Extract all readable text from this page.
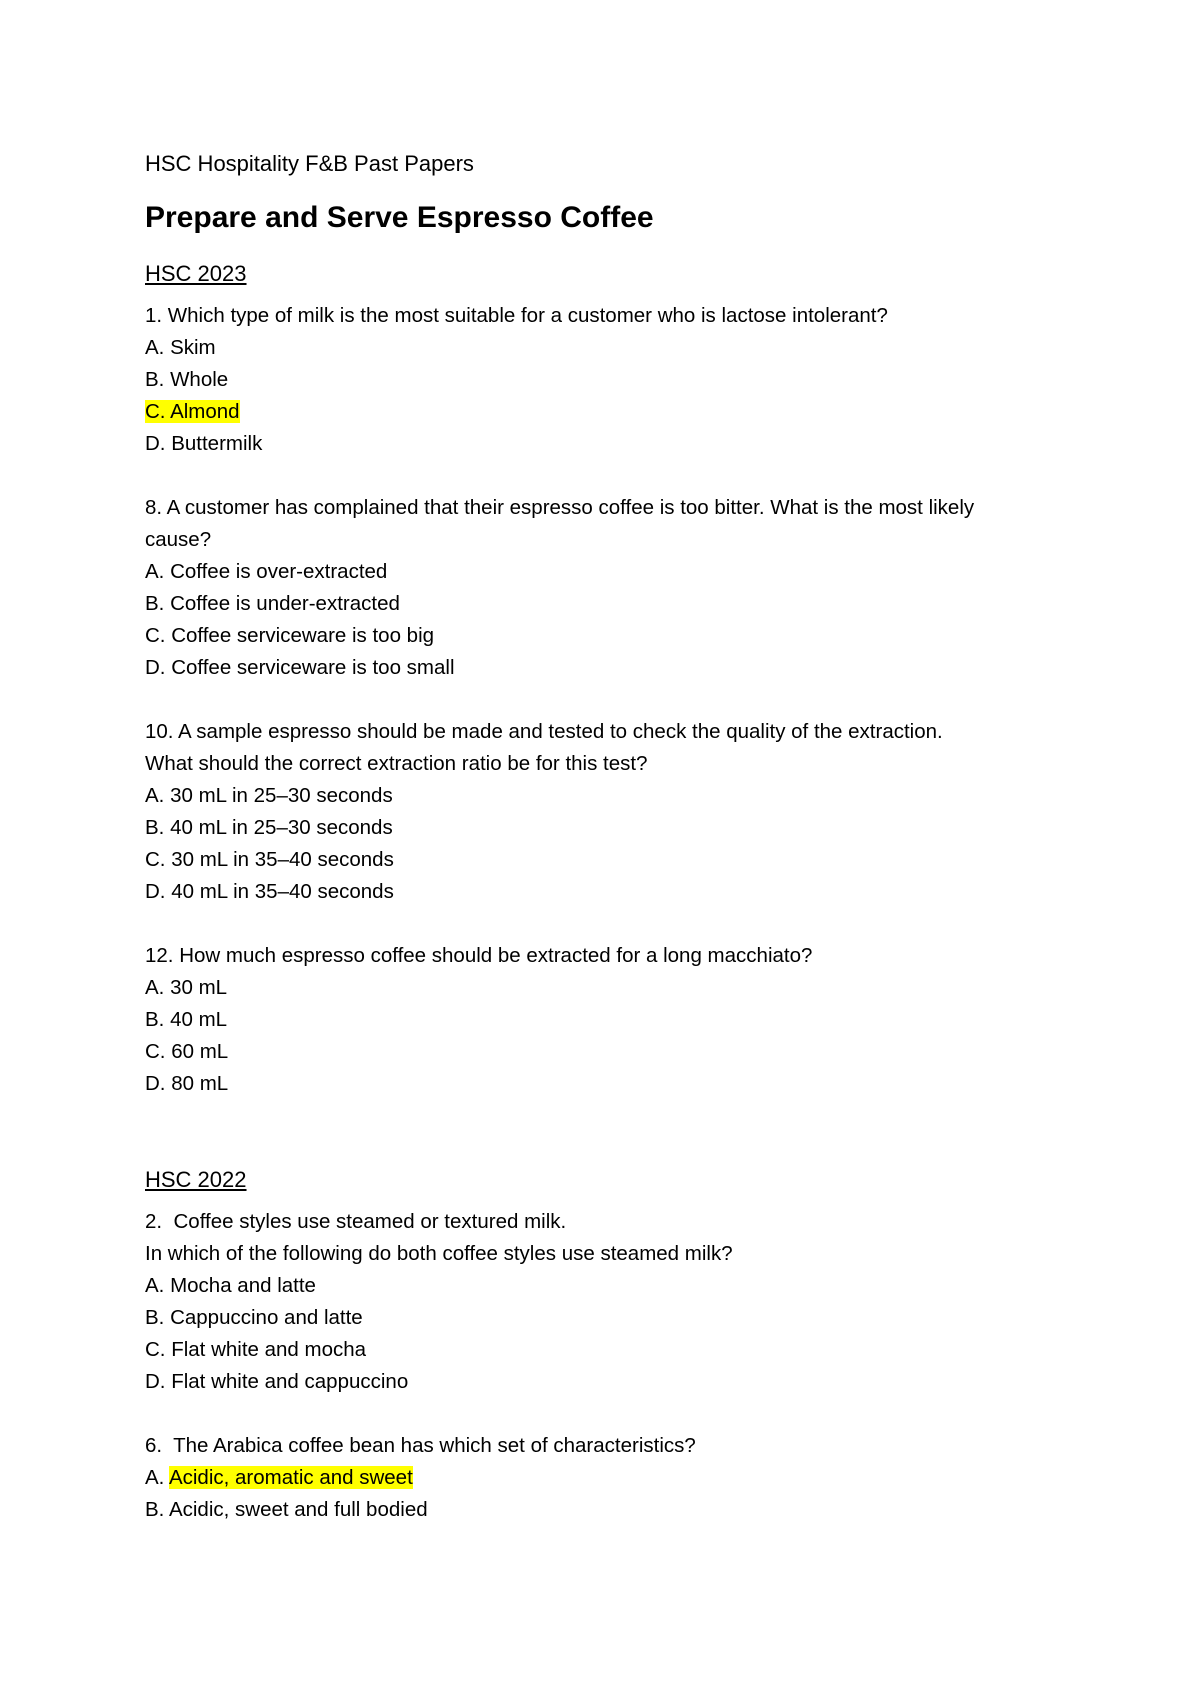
HSC Hospitality F&B Past Papers
Prepare and Serve Espresso Coffee
HSC 2023

1. Which type of milk is the most suitable for a customer who is lactose intolerant?

A. Skim

B. Whole

C. Almond

D. Buttermilk

8. A customer has complained that their espresso coffee is too bitter. What is the most likely

cause?

A. Coffee is over-extracted

B. Coffee is under-extracted

C. Coffee serviceware is too big

D. Coffee serviceware is too small

10. A sample espresso should be made and tested to check the quality of the extraction.

What should the correct extraction ratio be for this test?

A. 30 mL in 25–30 seconds

B. 40 mL in 25–30 seconds

C. 30 mL in 35–40 seconds

D. 40 mL in 35–40 seconds

12. How much espresso coffee should be extracted for a long macchiato?

A. 30 mL

B. 40 mL

C. 60 mL

D. 80 mL

HSC 2022

2.  Coffee styles use steamed or textured milk.

In which of the following do both coffee styles use steamed milk?

A. Mocha and latte

B. Cappuccino and latte

C. Flat white and mocha

D. Flat white and cappuccino

6.  The Arabica coffee bean has which set of characteristics?

A. Acidic, aromatic and sweet

B. Acidic, sweet and full bodied
